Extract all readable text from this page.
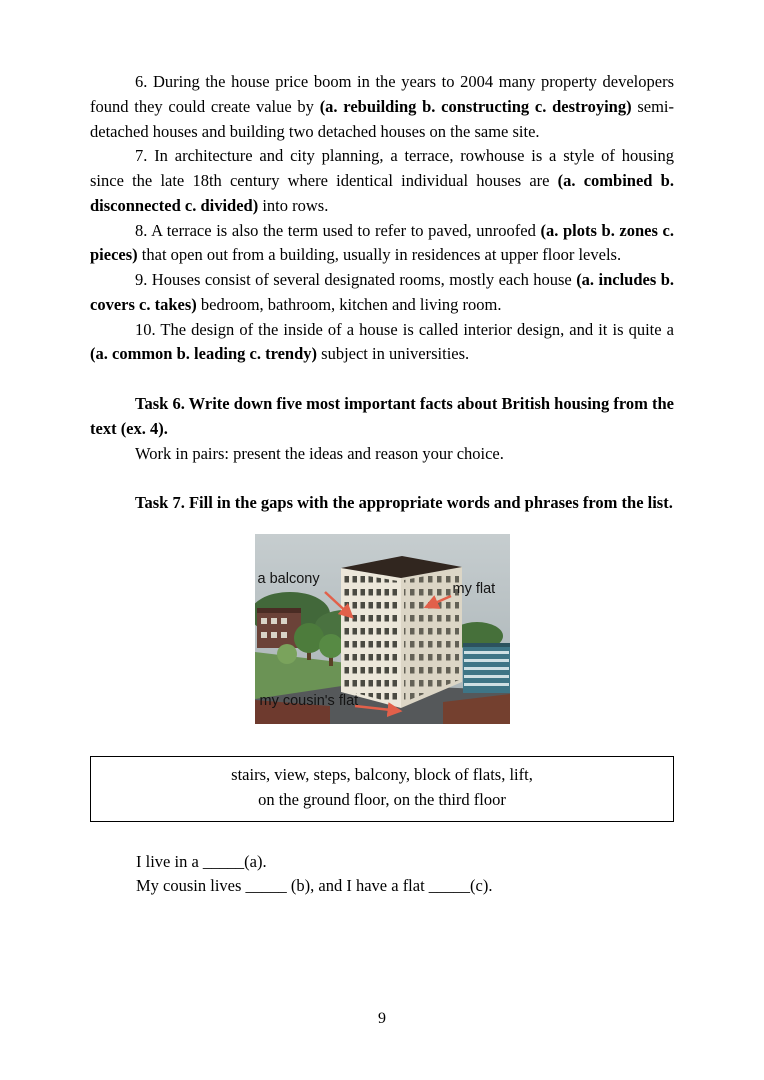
6. During the house price boom in the years to 2004 many property developers found they could create value by (a. rebuilding b. constructing c. destroying) semi-detached houses and building two detached houses on the same site.

7. In architecture and city planning, a terrace, rowhouse is a style of housing since the late 18th century where identical individual houses are (a. combined b. disconnected c. divided) into rows.

8. A terrace is also the term used to refer to paved, unroofed (a. plots b. zones c. pieces) that open out from a building, usually in residences at upper floor levels.

9. Houses consist of several designated rooms, mostly each house (a. includes b. covers c. takes) bedroom, bathroom, kitchen and living room.

10. The design of the inside of a house is called interior design, and it is quite a (a. common b. leading c. trendy) subject in universities.

Task 6. Write down five most important facts about British housing from the text (ex. 4).

Work in pairs: present the ideas and reason your choice.

Task 7. Fill in the gaps with the appropriate words and phrases from the list.

a balcony
my flat
my cousin's flat
stairs, view, steps, balcony, block of flats, lift,
on the ground floor, on the third floor

I live in a _____(a).

My cousin lives _____ (b), and I have a flat _____(c).

9
